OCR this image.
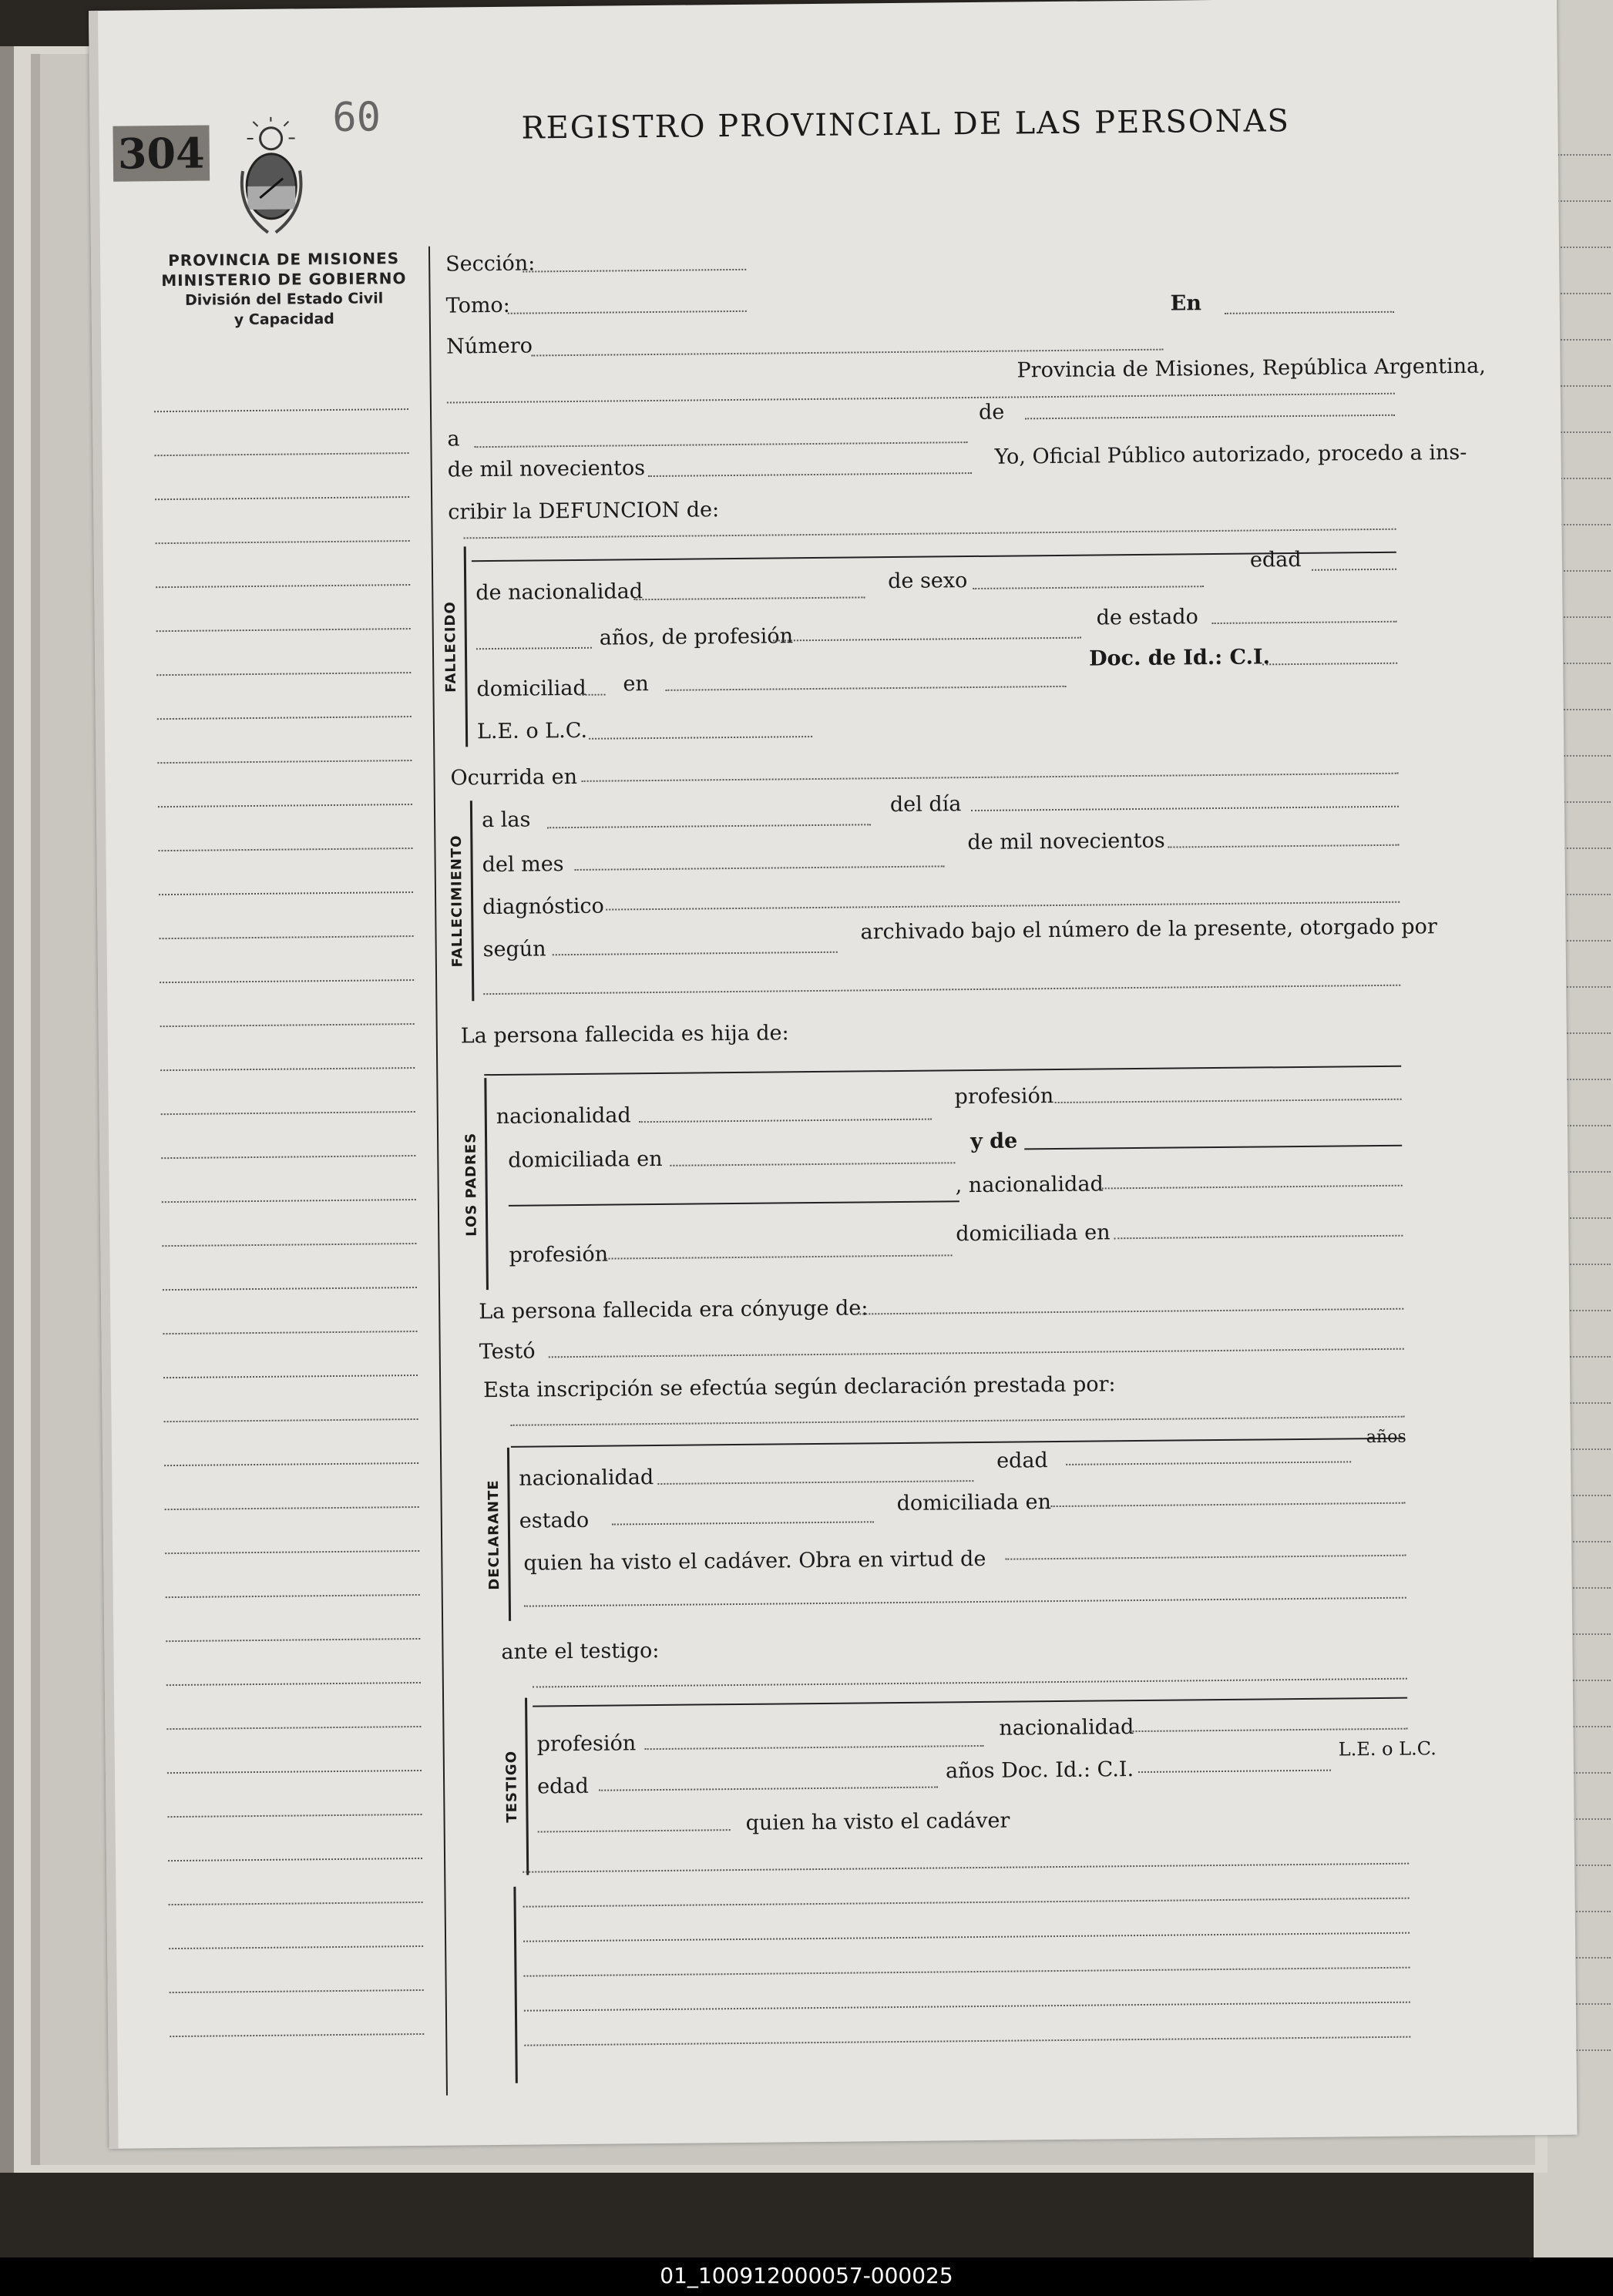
304
60	REGISTRO PROVINCIAL DE LAS PERSONAS
PROVINCIA DE MISIONES
MINISTERIO DE GOBIERNO
División del Estado Civil
y Capacidad
Sección:
Tomo:	En
Número
Provincia de Misiones, República Argentina,
de
a
de mil novecientos
Yo, Oficial Público autorizado, procedo a ins-
cribir la DEFUNCION de:
FALLECIDO
de nacionalidad	de sexo
edad
años, de profesión
de estado
domiciliad en
Doc. de Id.: C.I.
L.E. o L.C.
Ocurrida en
FALLECIMIENTO
a las
del día
del mes
de mil novecientos
diagnóstico
según
archivado bajo el número de la presente, otorgado por
La persona fallecida es hija de:
LOS PADRES
nacionalidad
profesión
domiciliada en
y de
, nacionalidad
profesión
domiciliada en
La persona fallecida era cónyuge de:
Testó
Esta inscripción se efectúa según declaración prestada por:
DECLARANTE
nacionalidad
edad
años
estado
domiciliada en
quien ha visto el cadáver. Obra en virtud de
ante el testigo:
TESTIGO
profesión
nacionalidad
edad
años Doc. Id.: C.I.
L.E. o L.C.
quien ha visto el cadáver
01_100912000057-000025
